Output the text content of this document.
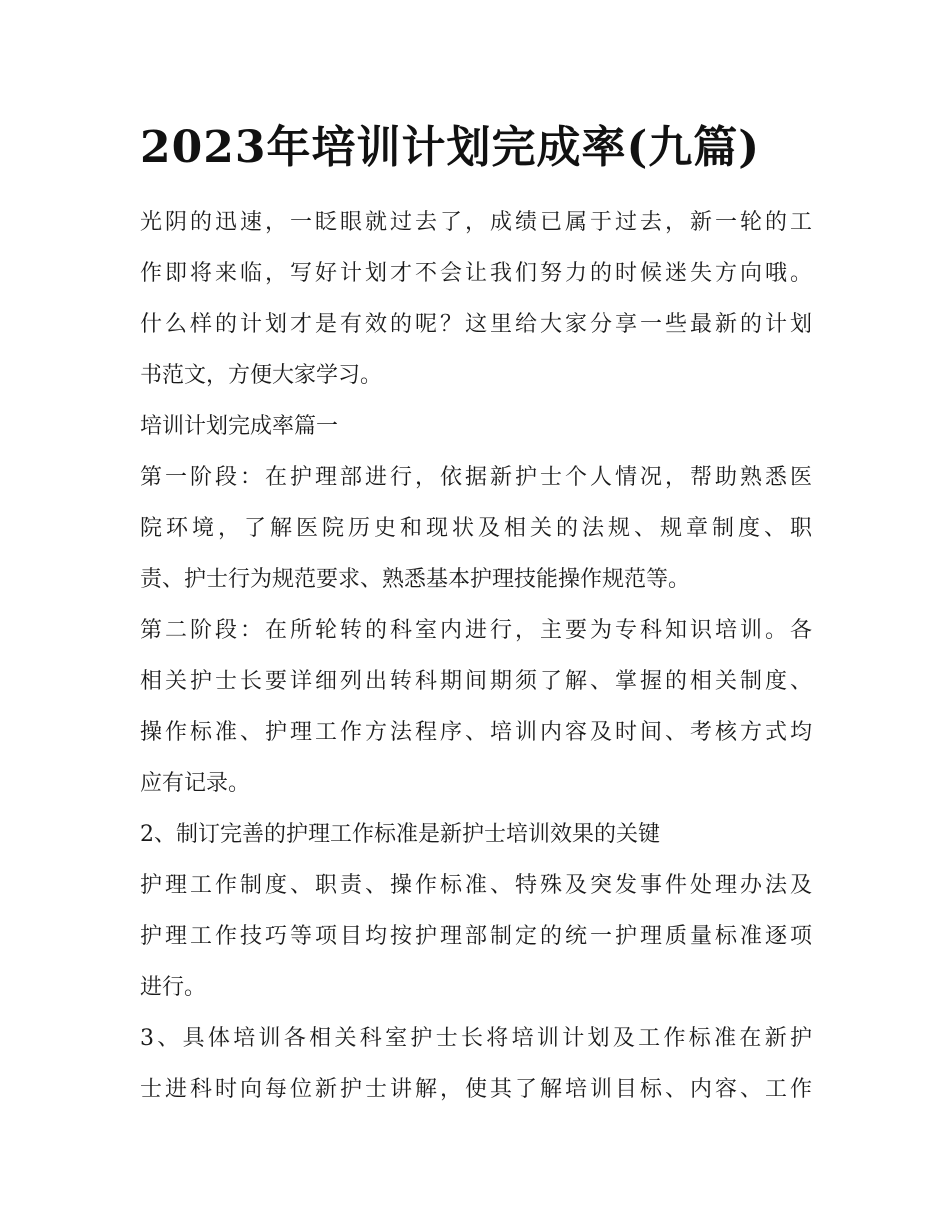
2023年培训计划完成率(九篇)
光阴的迅速，一眨眼就过去了，成绩已属于过去，新一轮的工
作即将来临，写好计划才不会让我们努力的时候迷失方向哦。
什么样的计划才是有效的呢？这里给大家分享一些最新的计划
书范文，方便大家学习。
培训计划完成率篇一
第一阶段：在护理部进行，依据新护士个人情况，帮助熟悉医
院环境，了解医院历史和现状及相关的法规、规章制度、职
责、护士行为规范要求、熟悉基本护理技能操作规范等。
第二阶段：在所轮转的科室内进行，主要为专科知识培训。各
相关护士长要详细列出转科期间期须了解、掌握的相关制度、
操作标准、护理工作方法程序、培训内容及时间、考核方式均
应有记录。
2、制订完善的护理工作标准是新护士培训效果的关键
护理工作制度、职责、操作标准、特殊及突发事件处理办法及
护理工作技巧等项目均按护理部制定的统一护理质量标准逐项
进行。
3、具体培训各相关科室护士长将培训计划及工作标准在新护
士进科时向每位新护士讲解，使其了解培训目标、内容、工作
